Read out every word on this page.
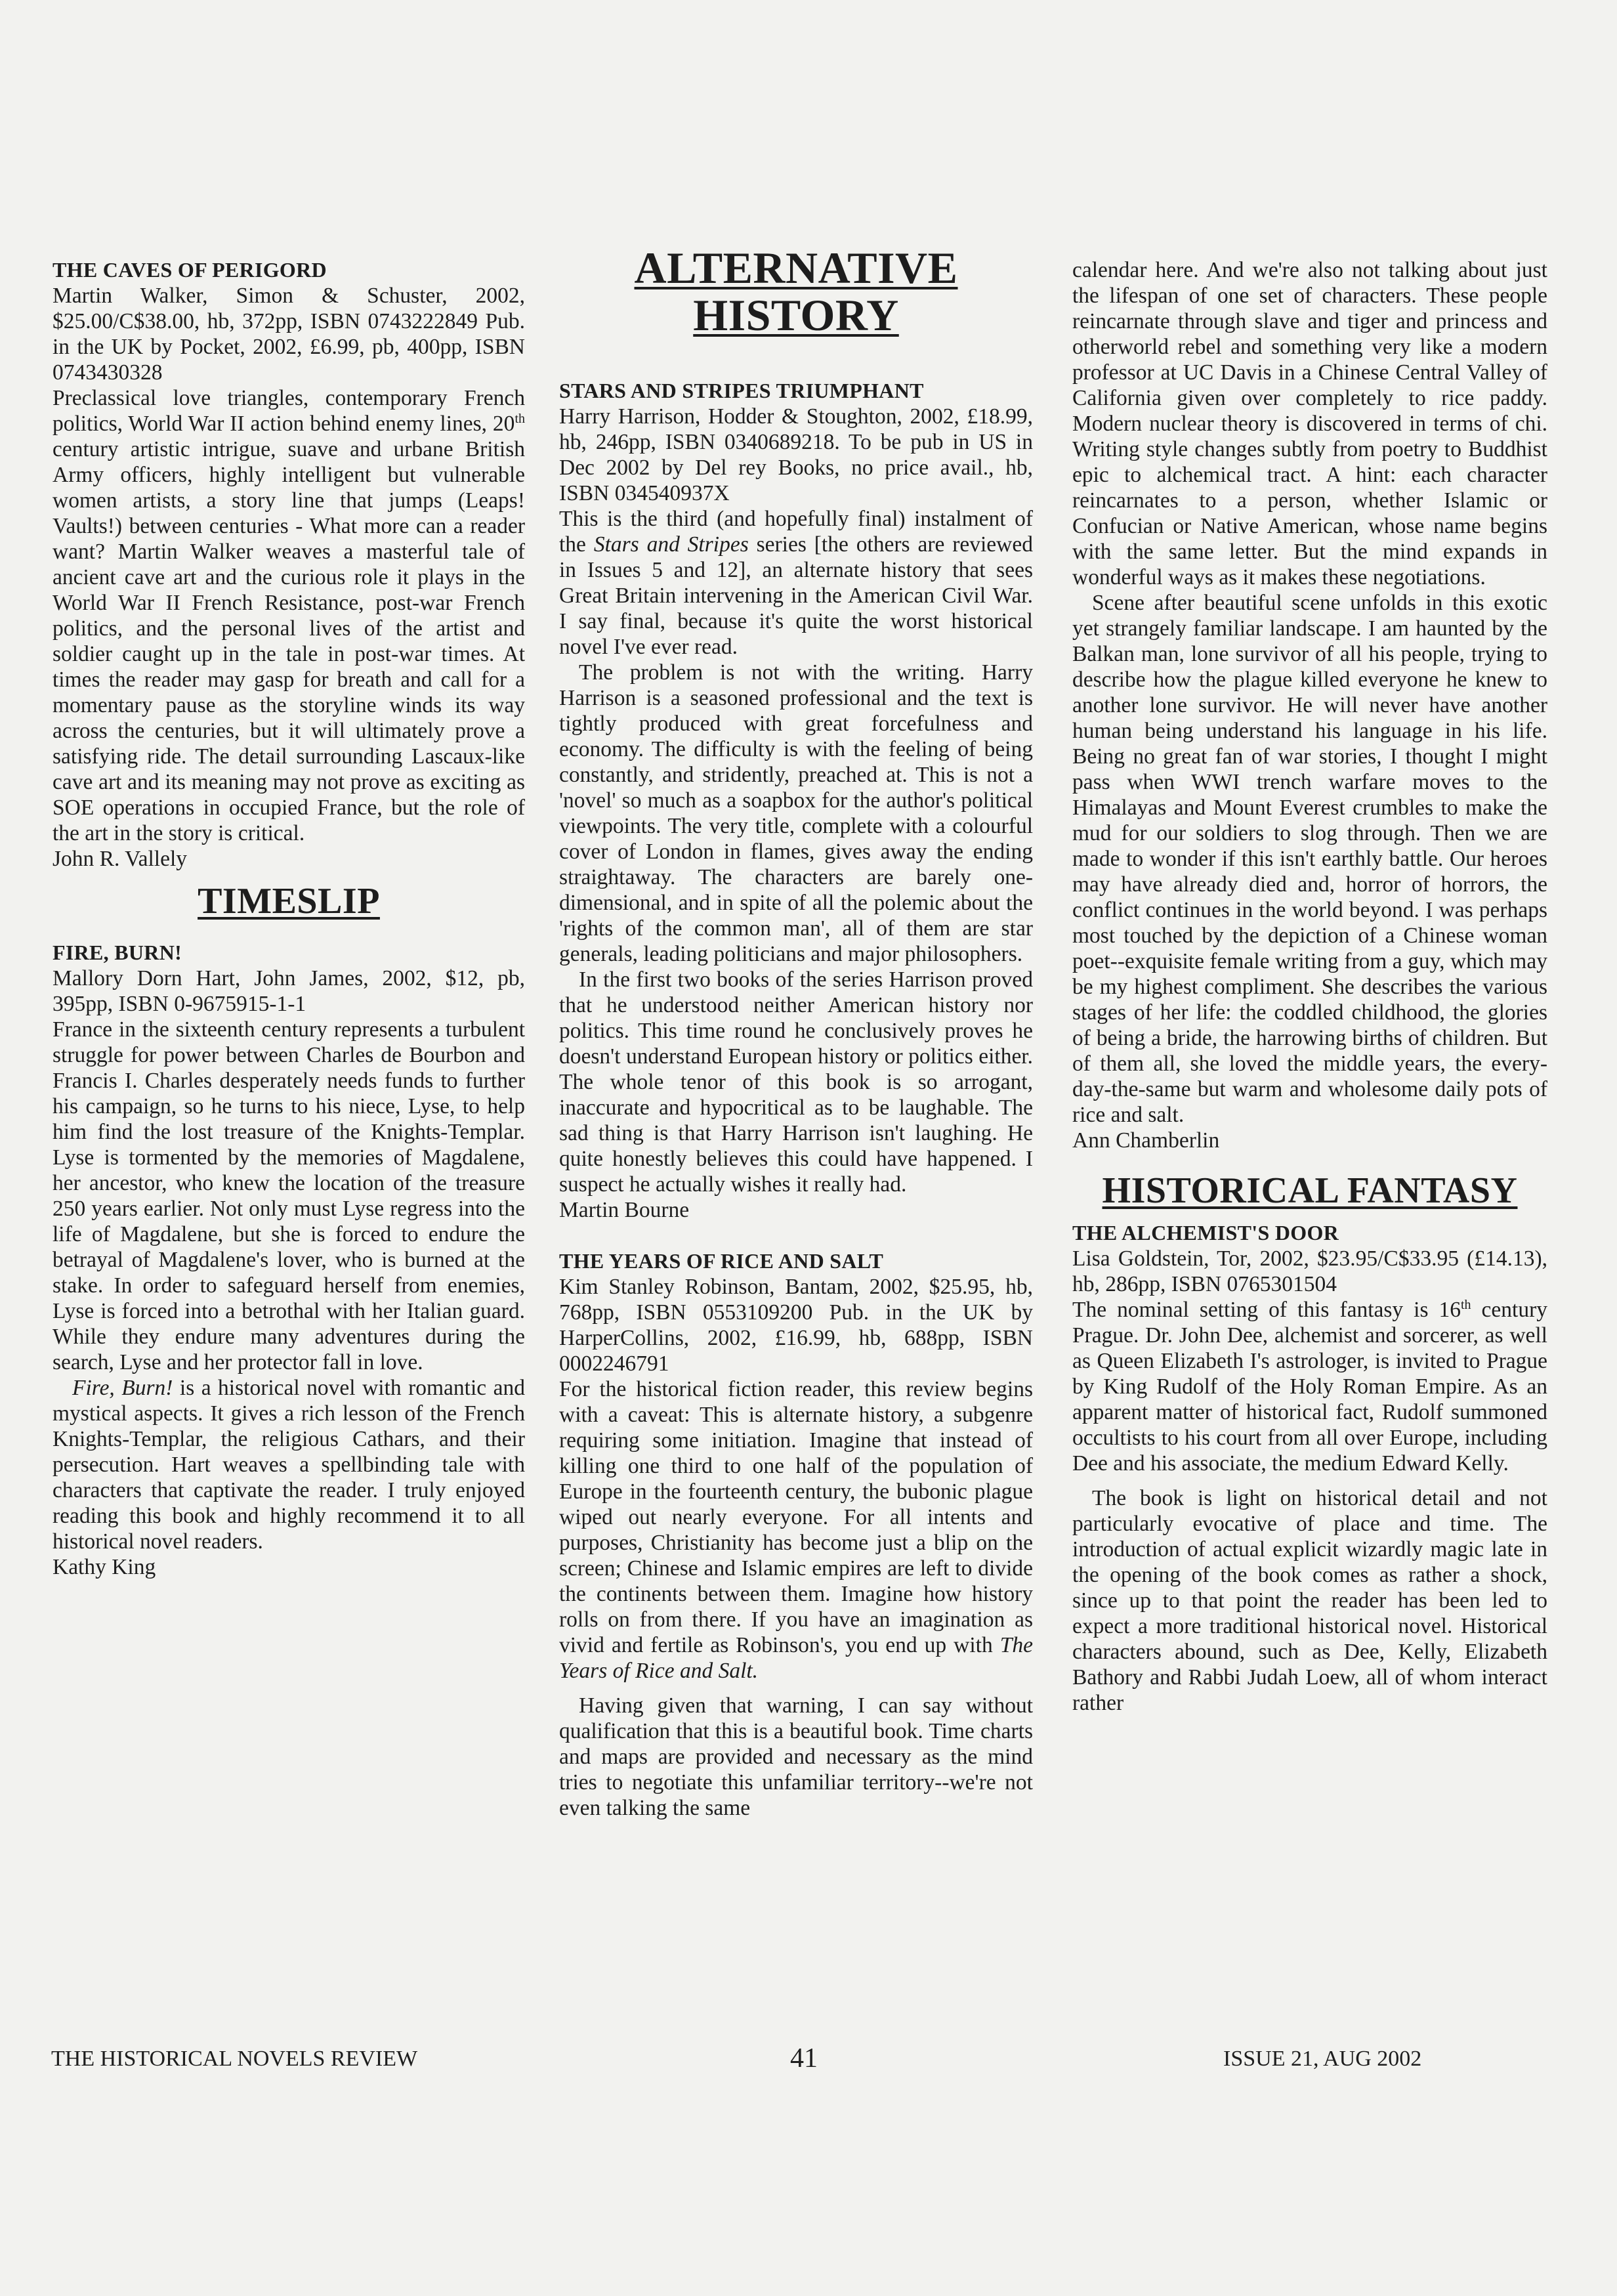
THE CAVES OF PERIGORD

Martin Walker, Simon & Schuster, 2002, $25.00/C$38.00, hb, 372pp, ISBN 0743222849 Pub. in the UK by Pocket, 2002, £6.99, pb, 400pp, ISBN 0743430328

Preclassical love triangles, contemporary French politics, World War II action behind enemy lines, 20th century artistic intrigue, suave and urbane British Army officers, highly intelligent but vulnerable women artists, a story line that jumps (Leaps! Vaults!) between centuries - What more can a reader want? Martin Walker weaves a masterful tale of ancient cave art and the curious role it plays in the World War II French Resistance, post-war French politics, and the personal lives of the artist and soldier caught up in the tale in post-war times. At times the reader may gasp for breath and call for a momentary pause as the storyline winds its way across the centuries, but it will ultimately prove a satisfying ride. The detail surrounding Lascaux-like cave art and its meaning may not prove as exciting as SOE operations in occupied France, but the role of the art in the story is critical.

John R. Vallely

TIMESLIP

FIRE, BURN!

Mallory Dorn Hart, John James, 2002, $12, pb, 395pp, ISBN 0-9675915-1-1

France in the sixteenth century represents a turbulent struggle for power between Charles de Bourbon and Francis I. Charles desperately needs funds to further his campaign, so he turns to his niece, Lyse, to help him find the lost treasure of the Knights-Templar. Lyse is tormented by the memories of Magdalene, her ancestor, who knew the location of the treasure 250 years earlier. Not only must Lyse regress into the life of Magdalene, but she is forced to endure the betrayal of Magdalene's lover, who is burned at the stake. In order to safeguard herself from enemies, Lyse is forced into a betrothal with her Italian guard. While they endure many adventures during the search, Lyse and her protector fall in love.

Fire, Burn! is a historical novel with romantic and mystical aspects. It gives a rich lesson of the French Knights-Templar, the religious Cathars, and their persecution. Hart weaves a spellbinding tale with characters that captivate the reader. I truly enjoyed reading this book and highly recommend it to all historical novel readers.

Kathy King

ALTERNATIVE
HISTORY

STARS AND STRIPES TRIUMPHANT

Harry Harrison, Hodder & Stoughton, 2002, £18.99, hb, 246pp, ISBN 0340689218. To be pub in US in Dec 2002 by Del rey Books, no price avail., hb, ISBN 034540937X

This is the third (and hopefully final) instalment of the Stars and Stripes series [the others are reviewed in Issues 5 and 12], an alternate history that sees Great Britain intervening in the American Civil War. I say final, because it's quite the worst historical novel I've ever read.

The problem is not with the writing. Harry Harrison is a seasoned professional and the text is tightly produced with great forcefulness and economy. The difficulty is with the feeling of being constantly, and stridently, preached at. This is not a 'novel' so much as a soapbox for the author's political viewpoints. The very title, complete with a colourful cover of London in flames, gives away the ending straightaway. The characters are barely one-dimensional, and in spite of all the polemic about the 'rights of the common man', all of them are star generals, leading politicians and major philosophers.

In the first two books of the series Harrison proved that he understood neither American history nor politics. This time round he conclusively proves he doesn't understand European history or politics either. The whole tenor of this book is so arrogant, inaccurate and hypocritical as to be laughable. The sad thing is that Harry Harrison isn't laughing. He quite honestly believes this could have happened. I suspect he actually wishes it really had.

Martin Bourne

THE YEARS OF RICE AND SALT

Kim Stanley Robinson, Bantam, 2002, $25.95, hb, 768pp, ISBN 0553109200 Pub. in the UK by HarperCollins, 2002, £16.99, hb, 688pp, ISBN 0002246791

For the historical fiction reader, this review begins with a caveat: This is alternate history, a subgenre requiring some initiation. Imagine that instead of killing one third to one half of the population of Europe in the fourteenth century, the bubonic plague wiped out nearly everyone. For all intents and purposes, Christianity has become just a blip on the screen; Chinese and Islamic empires are left to divide the continents between them. Imagine how history rolls on from there. If you have an imagination as vivid and fertile as Robinson's, you end up with The Years of Rice and Salt.

Having given that warning, I can say without qualification that this is a beautiful book. Time charts and maps are provided and necessary as the mind tries to negotiate this unfamiliar territory--we're not even talking the same

calendar here. And we're also not talking about just the lifespan of one set of characters. These people reincarnate through slave and tiger and princess and otherworld rebel and something very like a modern professor at UC Davis in a Chinese Central Valley of California given over completely to rice paddy. Modern nuclear theory is discovered in terms of chi. Writing style changes subtly from poetry to Buddhist epic to alchemical tract. A hint: each character reincarnates to a person, whether Islamic or Confucian or Native American, whose name begins with the same letter. But the mind expands in wonderful ways as it makes these negotiations.

Scene after beautiful scene unfolds in this exotic yet strangely familiar landscape. I am haunted by the Balkan man, lone survivor of all his people, trying to describe how the plague killed everyone he knew to another lone survivor. He will never have another human being understand his language in his life. Being no great fan of war stories, I thought I might pass when WWI trench warfare moves to the Himalayas and Mount Everest crumbles to make the mud for our soldiers to slog through. Then we are made to wonder if this isn't earthly battle. Our heroes may have already died and, horror of horrors, the conflict continues in the world beyond. I was perhaps most touched by the depiction of a Chinese woman poet--exquisite female writing from a guy, which may be my highest compliment. She describes the various stages of her life: the coddled childhood, the glories of being a bride, the harrowing births of children. But of them all, she loved the middle years, the every-day-the-same but warm and wholesome daily pots of rice and salt.

Ann Chamberlin

HISTORICAL FANTASY

THE ALCHEMIST'S DOOR

Lisa Goldstein, Tor, 2002, $23.95/C$33.95 (£14.13), hb, 286pp, ISBN 0765301504

The nominal setting of this fantasy is 16th century Prague. Dr. John Dee, alchemist and sorcerer, as well as Queen Elizabeth I's astrologer, is invited to Prague by King Rudolf of the Holy Roman Empire. As an apparent matter of historical fact, Rudolf summoned occultists to his court from all over Europe, including Dee and his associate, the medium Edward Kelly.

The book is light on historical detail and not particularly evocative of place and time. The introduction of actual explicit wizardly magic late in the opening of the book comes as rather a shock, since up to that point the reader has been led to expect a more traditional historical novel. Historical characters abound, such as Dee, Kelly, Elizabeth Bathory and Rabbi Judah Loew, all of whom interact rather

THE HISTORICAL NOVELS REVIEW	41	ISSUE 21, AUG 2002
